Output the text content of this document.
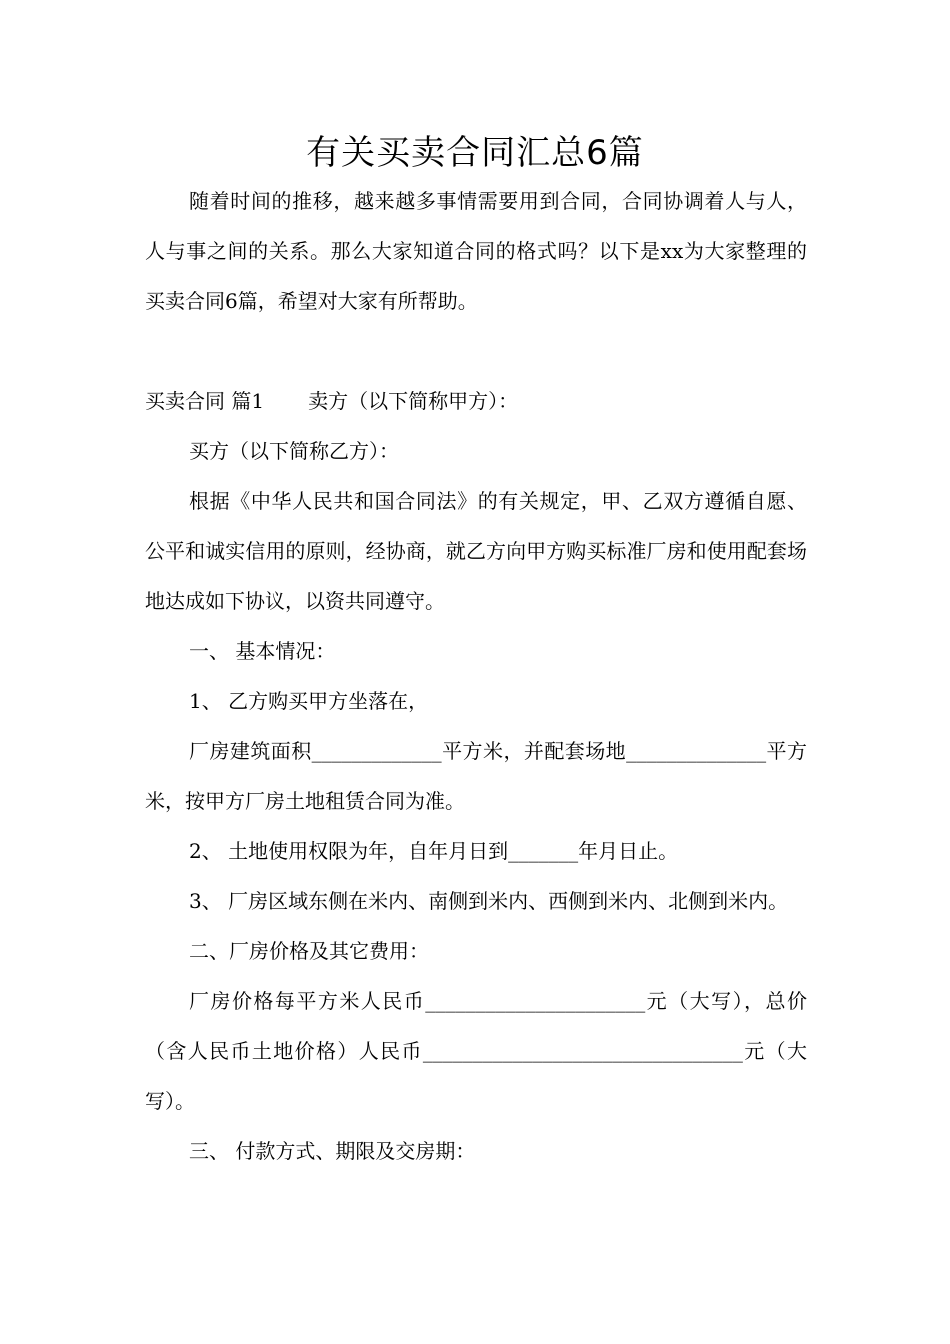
有关买卖合同汇总6篇

随着时间的推移，越来越多事情需要用到合同，合同协调着人与人，人与事之间的关系。那么大家知道合同的格式吗？以下是xx为大家整理的买卖合同6篇，希望对大家有所帮助。

买卖合同 篇1 卖方（以下简称甲方）：

买方（以下简称乙方）：

根据《中华人民共和国合同法》的有关规定，甲、乙双方遵循自愿、公平和诚实信用的原则，经协商，就乙方向甲方购买标准厂房和使用配套场地达成如下协议，以资共同遵守。

一、 基本情况：

1、 乙方购买甲方坐落在，

厂房建筑面积_____________平方米，并配套场地______________平方米，按甲方厂房土地租赁合同为准。

2、 土地使用权限为年，自年月日到_______年月日止。

3、 厂房区域东侧在米内、南侧到米内、西侧到米内、北侧到米内。

二、厂房价格及其它费用：

厂房价格每平方米人民币______________________元（大写），总价（含人民币土地价格）人民币________________________________元（大写）。

三、 付款方式、期限及交房期：
